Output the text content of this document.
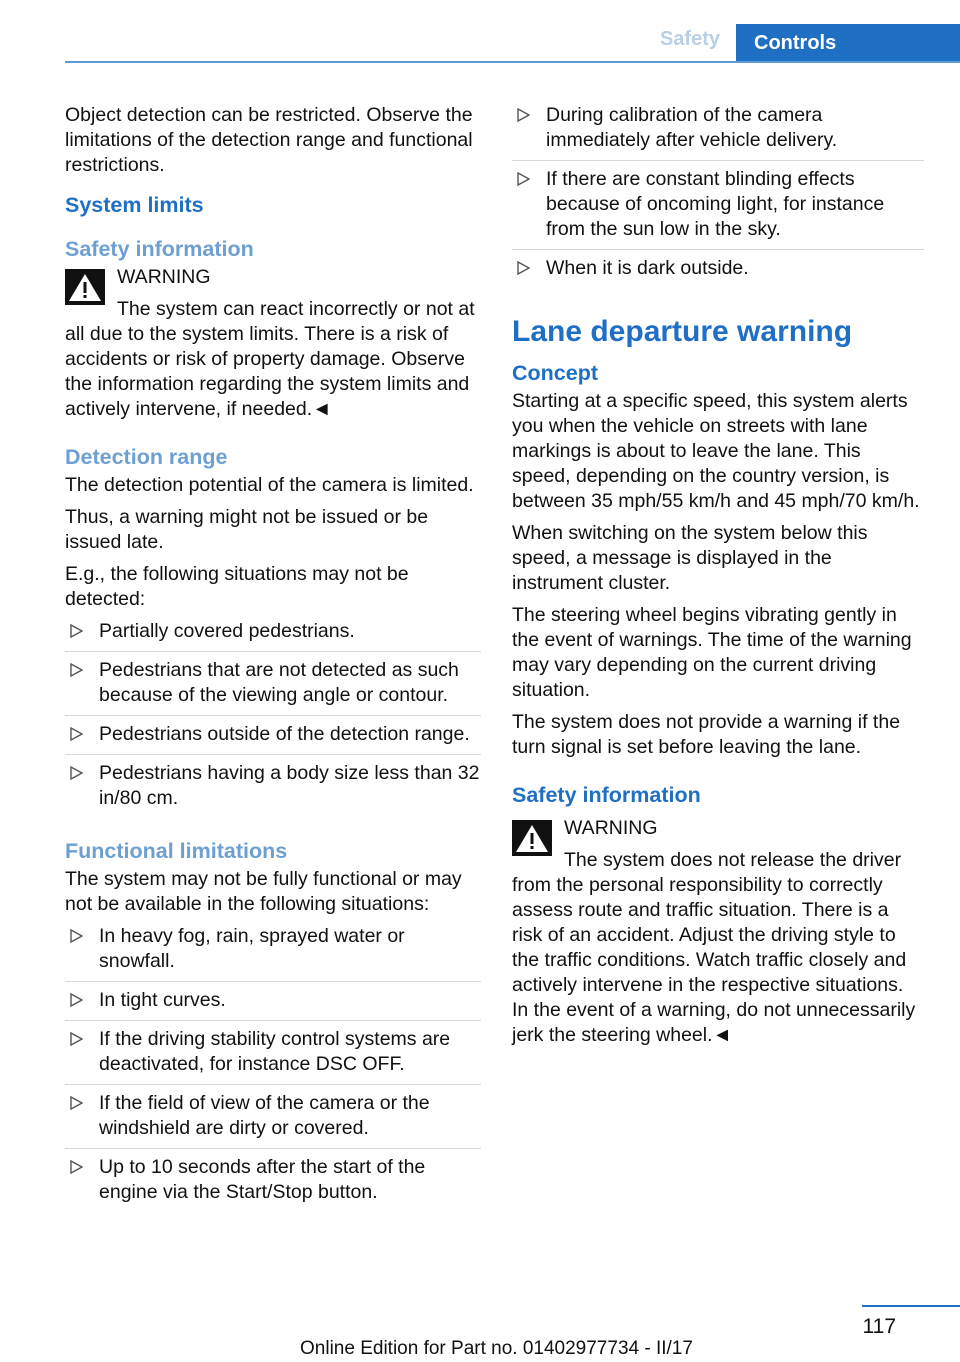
Safety	Controls

Object detection can be restricted. Observe the limitations of the detection range and functional restrictions.

System limits
Safety information
WARNING
The system can react incorrectly or not at all due to the system limits. There is a risk of accidents or risk of property damage. Observe the information regarding the system limits and actively intervene, if needed.◄
Detection range

The detection potential of the camera is limited.

Thus, a warning might not be issued or be issued late.

E.g., the following situations may not be detected:

Partially covered pedestrians.
Pedestrians that are not detected as such because of the viewing angle or contour.
Pedestrians outside of the detection range.
Pedestrians having a body size less than 32 in/80 cm.
Functional limitations

The system may not be fully functional or may not be available in the following situations:

In heavy fog, rain, sprayed water or snowfall.
In tight curves.
If the driving stability control systems are deactivated, for instance DSC OFF.
If the field of view of the camera or the windshield are dirty or covered.
Up to 10 seconds after the start of the engine via the Start/Stop button.
During calibration of the camera immediately after vehicle delivery.
If there are constant blinding effects because of oncoming light, for instance from the sun low in the sky.
When it is dark outside.
Lane departure warning
Concept

Starting at a specific speed, this system alerts you when the vehicle on streets with lane markings is about to leave the lane. This speed, depending on the country version, is between 35 mph/55 km/h and 45 mph/70 km/h.

When switching on the system below this speed, a message is displayed in the instrument cluster.

The steering wheel begins vibrating gently in the event of warnings. The time of the warning may vary depending on the current driving situation.

The system does not provide a warning if the turn signal is set before leaving the lane.

Safety information
WARNING
The system does not release the driver from the personal responsibility to correctly assess route and traffic situation. There is a risk of an accident. Adjust the driving style to the traffic conditions. Watch traffic closely and actively intervene in the respective situations. In the event of a warning, do not unnecessarily jerk the steering wheel.◄
117
Online Edition for Part no. 01402977734 - II/17
